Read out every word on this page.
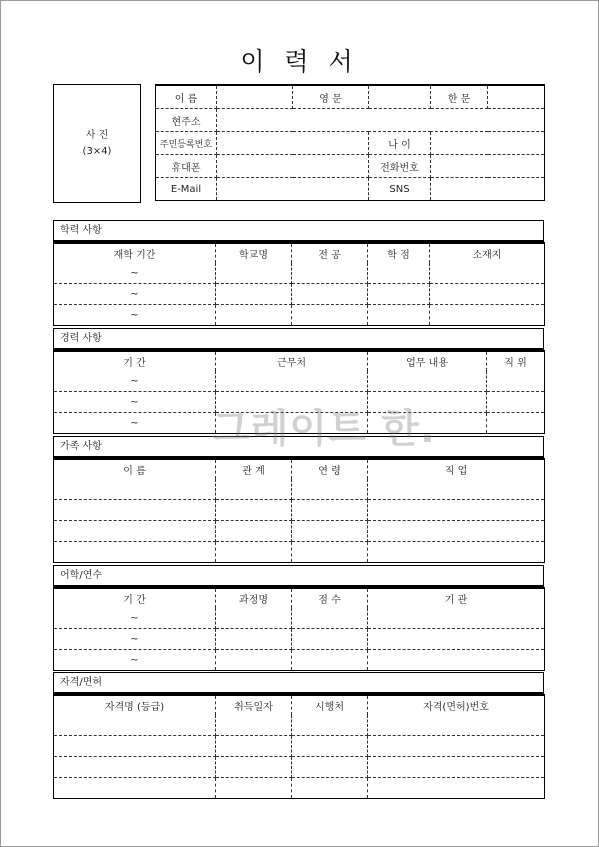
이 력 서
사 진
(3×4)
이 름		영 문		한 문	
현주소					
주민등록번호			나 이		
휴대폰			전화번호		
E-Mail			SNS		
학력 사항
재학 기간	학교명	전 공	학 점	소재지
~				
~				
~				
경력 사항
기 간	근무처	업무 내용	직 위
~			
~			
~			
가족 사항
이 름	관 계	연 령	직 업

어학/연수
기 간	과정명	점 수	기 관
~			
~			
~			
자격/면허
자격명 (등급)	취득일자	시행처	자격(면허)번호

그레이트 한.
